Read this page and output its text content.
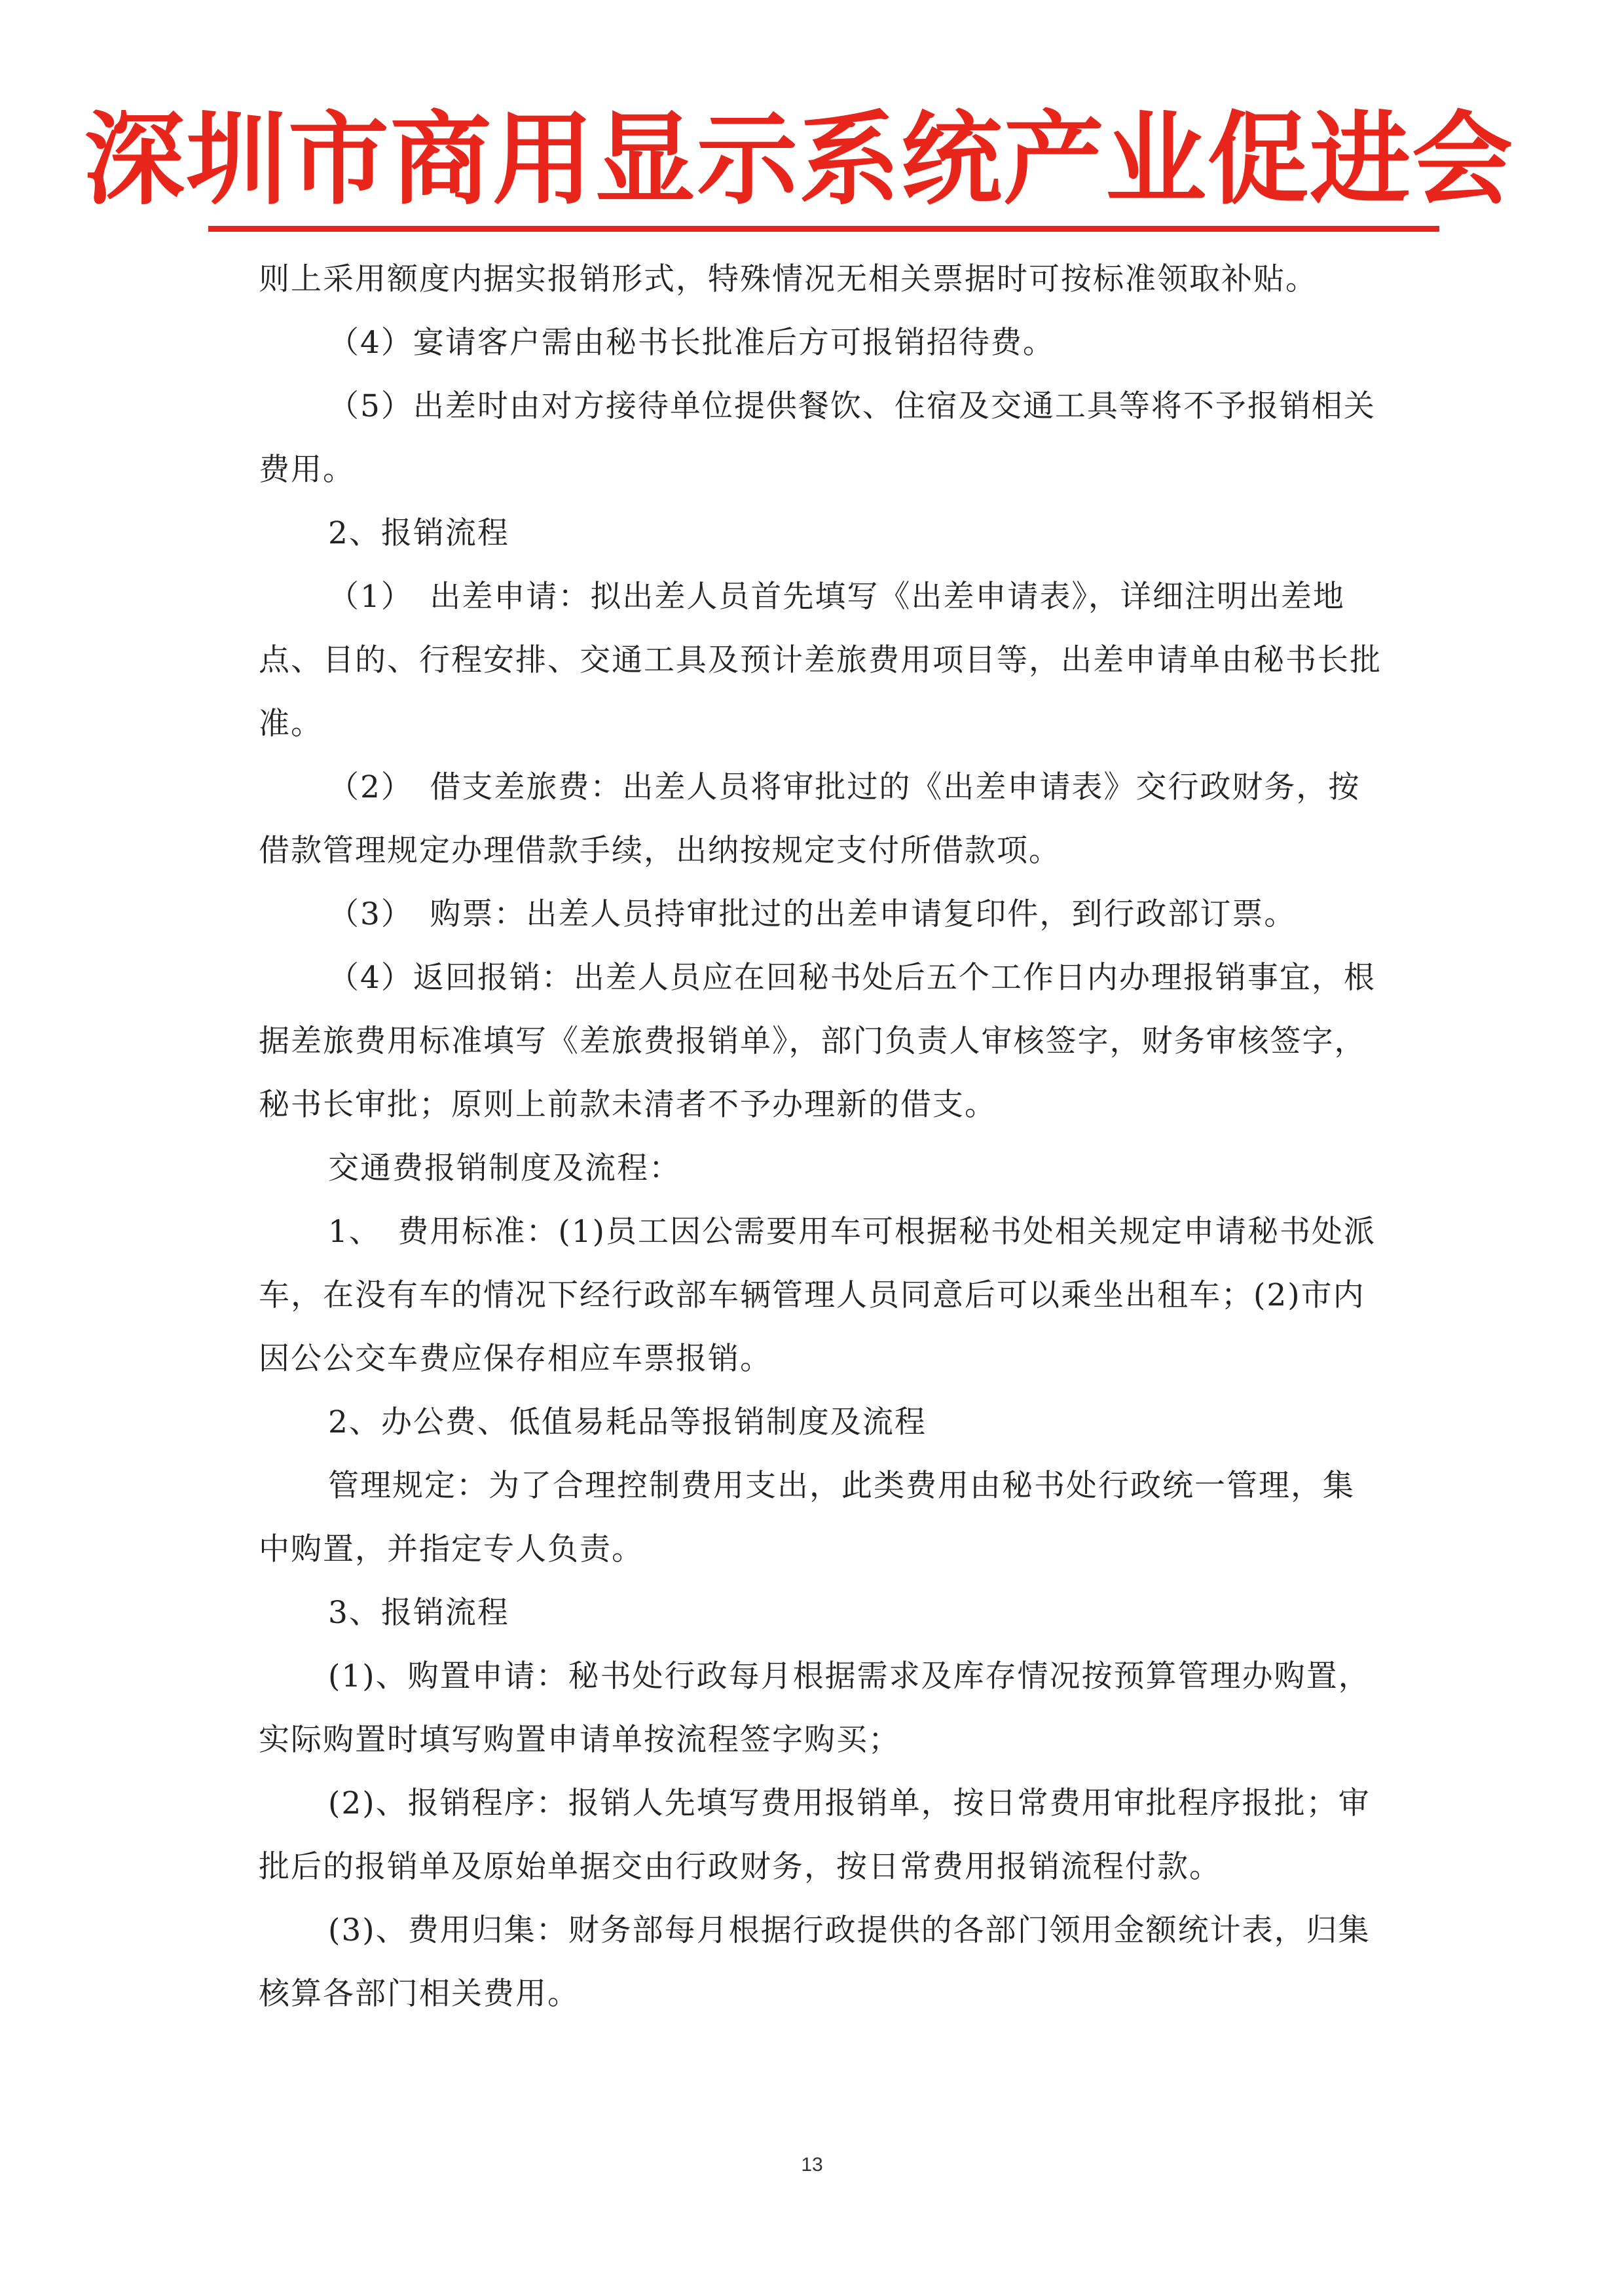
深圳市商用显示系统产业促进会

则上采用额度内据实报销形式，特殊情况无相关票据时可按标准领取补贴。

（4）宴请客户需由秘书长批准后方可报销招待费。

（5）出差时由对方接待单位提供餐饮、住宿及交通工具等将不予报销相关费用。

2、报销流程

（1）　出差申请：拟出差人员首先填写《出差申请表》，详细注明出差地点、目的、行程安排、交通工具及预计差旅费用项目等，出差申请单由秘书长批准。

（2）　借支差旅费：出差人员将审批过的《出差申请表》交行政财务，按借款管理规定办理借款手续，出纳按规定支付所借款项。

（3）　购票：出差人员持审批过的出差申请复印件，到行政部订票。

（4）返回报销：出差人员应在回秘书处后五个工作日内办理报销事宜，根据差旅费用标准填写《差旅费报销单》，部门负责人审核签字，财务审核签字，秘书长审批；原则上前款未清者不予办理新的借支。

交通费报销制度及流程：

1、　费用标准：(1)员工因公需要用车可根据秘书处相关规定申请秘书处派车，在没有车的情况下经行政部车辆管理人员同意后可以乘坐出租车；(2)市内因公公交车费应保存相应车票报销。

2、办公费、低值易耗品等报销制度及流程

管理规定：为了合理控制费用支出，此类费用由秘书处行政统一管理，集中购置，并指定专人负责。

3、报销流程

(1)、购置申请：秘书处行政每月根据需求及库存情况按预算管理办购置，实际购置时填写购置申请单按流程签字购买；

(2)、报销程序：报销人先填写费用报销单，按日常费用审批程序报批；审批后的报销单及原始单据交由行政财务，按日常费用报销流程付款。

(3)、费用归集：财务部每月根据行政提供的各部门领用金额统计表，归集核算各部门相关费用。

13
